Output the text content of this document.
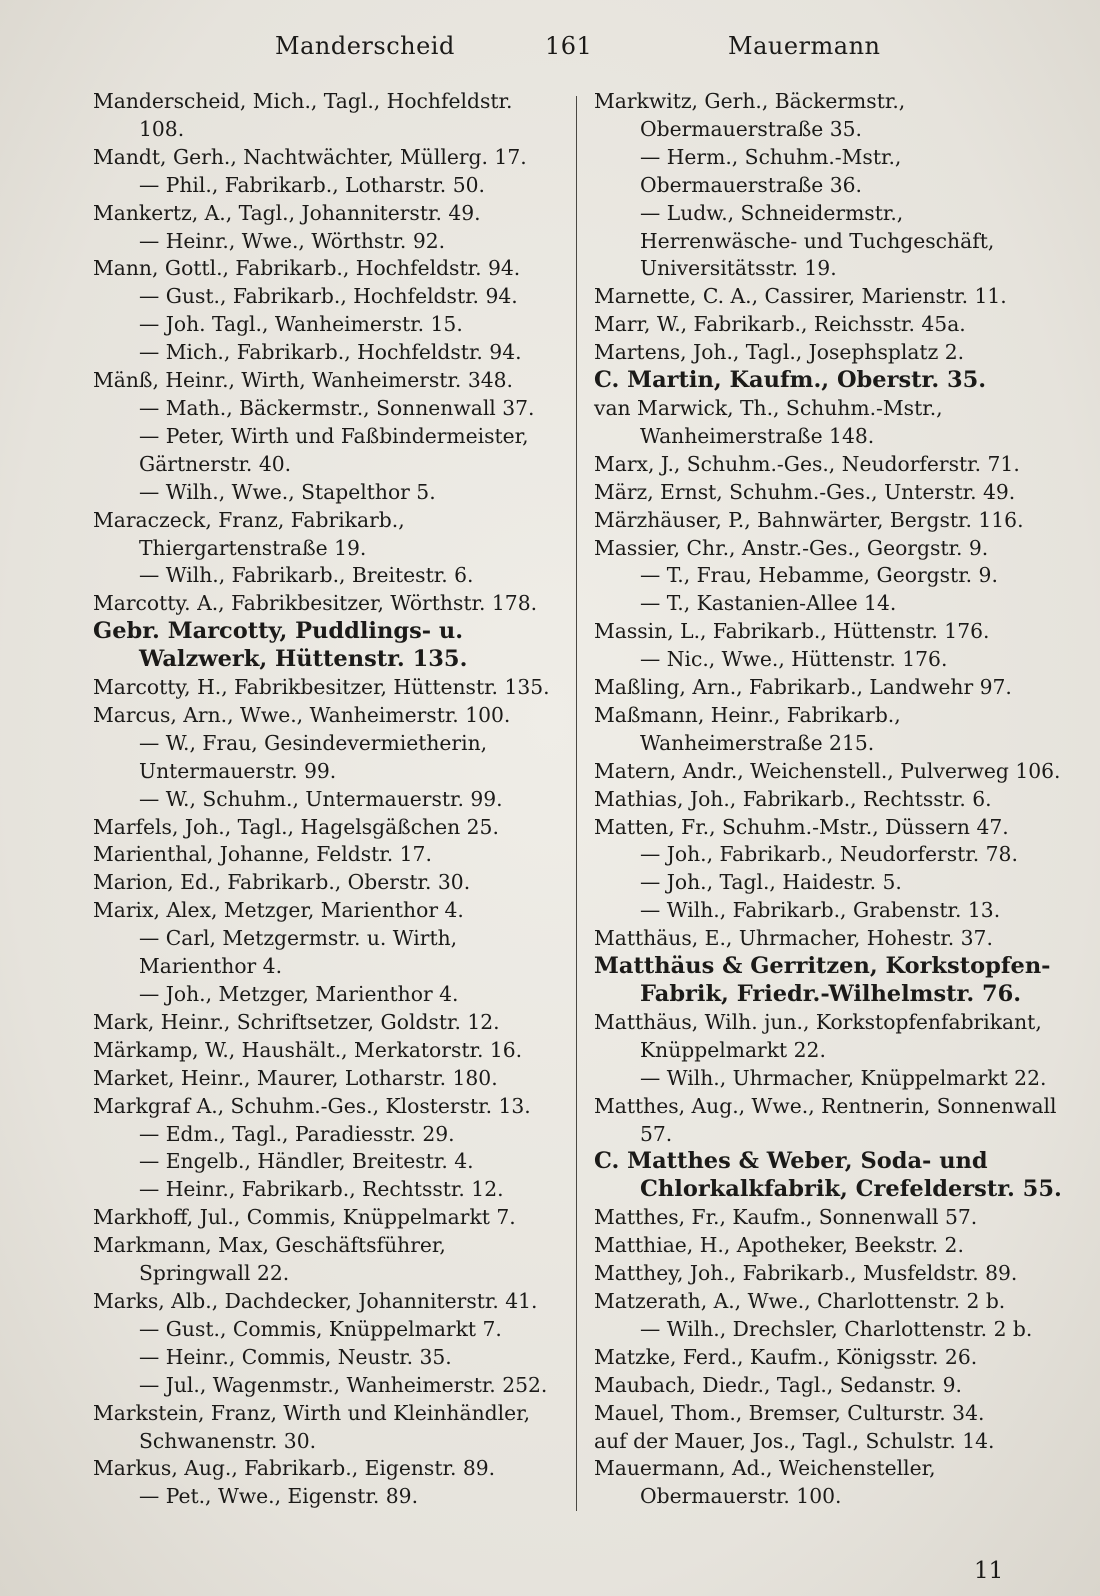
Manderscheid	161	Mauermann
Manderscheid, Mich., Tagl., Hochfeldstr. 108.
Mandt, Gerh., Nachtwächter, Müllerg. 17.
— Phil., Fabrikarb., Lotharstr. 50.
Mankertz, A., Tagl., Johanniterstr. 49.
— Heinr., Wwe., Wörthstr. 92.
Mann, Gottl., Fabrikarb., Hochfeldstr. 94.
— Gust., Fabrikarb., Hochfeldstr. 94.
— Joh. Tagl., Wanheimerstr. 15.
— Mich., Fabrikarb., Hochfeldstr. 94.
Mänß, Heinr., Wirth, Wanheimerstr. 348.
— Math., Bäckermstr., Sonnenwall 37.
— Peter, Wirth und Faßbindermeister, Gärtnerstr. 40.
— Wilh., Wwe., Stapelthor 5.
Maraczeck, Franz, Fabrikarb., Thiergartenstraße 19.
— Wilh., Fabrikarb., Breitestr. 6.
Marcotty. A., Fabrikbesitzer, Wörthstr. 178.
Gebr. Marcotty, Puddlings- u. Walzwerk, Hüttenstr. 135.
Marcotty, H., Fabrikbesitzer, Hüttenstr. 135.
Marcus, Arn., Wwe., Wanheimerstr. 100.
— W., Frau, Gesindevermietherin, Untermauerstr. 99.
— W., Schuhm., Untermauerstr. 99.
Marfels, Joh., Tagl., Hagelsgäßchen 25.
Marienthal, Johanne, Feldstr. 17.
Marion, Ed., Fabrikarb., Oberstr. 30.
Marix, Alex, Metzger, Marienthor 4.
— Carl, Metzgermstr. u. Wirth, Marienthor 4.
— Joh., Metzger, Marienthor 4.
Mark, Heinr., Schriftsetzer, Goldstr. 12.
Märkamp, W., Haushält., Merkatorstr. 16.
Market, Heinr., Maurer, Lotharstr. 180.
Markgraf A., Schuhm.-Ges., Klosterstr. 13.
— Edm., Tagl., Paradiesstr. 29.
— Engelb., Händler, Breitestr. 4.
— Heinr., Fabrikarb., Rechtsstr. 12.
Markhoff, Jul., Commis, Knüppelmarkt 7.
Markmann, Max, Geschäftsführer, Springwall 22.
Marks, Alb., Dachdecker, Johanniterstr. 41.
— Gust., Commis, Knüppelmarkt 7.
— Heinr., Commis, Neustr. 35.
— Jul., Wagenmstr., Wanheimerstr. 252.
Markstein, Franz, Wirth und Kleinhändler, Schwanenstr. 30.
Markus, Aug., Fabrikarb., Eigenstr. 89.
— Pet., Wwe., Eigenstr. 89.
Markwitz, Gerh., Bäckermstr., Obermauerstraße 35.
— Herm., Schuhm.-Mstr., Obermauerstraße 36.
— Ludw., Schneidermstr., Herrenwäsche- und Tuchgeschäft, Universitätsstr. 19.
Marnette, C. A., Cassirer, Marienstr. 11.
Marr, W., Fabrikarb., Reichsstr. 45a.
Martens, Joh., Tagl., Josephsplatz 2.
C. Martin, Kaufm., Oberstr. 35.
van Marwick, Th., Schuhm.-Mstr., Wanheimerstraße 148.
Marx, J., Schuhm.-Ges., Neudorferstr. 71.
März, Ernst, Schuhm.-Ges., Unterstr. 49.
Märzhäuser, P., Bahnwärter, Bergstr. 116.
Massier, Chr., Anstr.-Ges., Georgstr. 9.
— T., Frau, Hebamme, Georgstr. 9.
— T., Kastanien-Allee 14.
Massin, L., Fabrikarb., Hüttenstr. 176.
— Nic., Wwe., Hüttenstr. 176.
Maßling, Arn., Fabrikarb., Landwehr 97.
Maßmann, Heinr., Fabrikarb., Wanheimerstraße 215.
Matern, Andr., Weichenstell., Pulverweg 106.
Mathias, Joh., Fabrikarb., Rechtsstr. 6.
Matten, Fr., Schuhm.-Mstr., Düssern 47.
— Joh., Fabrikarb., Neudorferstr. 78.
— Joh., Tagl., Haidestr. 5.
— Wilh., Fabrikarb., Grabenstr. 13.
Matthäus, E., Uhrmacher, Hohestr. 37.
Matthäus & Gerritzen, Korkstopfen-Fabrik, Friedr.-Wilhelmstr. 76.
Matthäus, Wilh. jun., Korkstopfenfabrikant, Knüppelmarkt 22.
— Wilh., Uhrmacher, Knüppelmarkt 22.
Matthes, Aug., Wwe., Rentnerin, Sonnenwall 57.
C. Matthes & Weber, Soda- und Chlorkalkfabrik, Crefelderstr. 55.
Matthes, Fr., Kaufm., Sonnenwall 57.
Matthiae, H., Apotheker, Beekstr. 2.
Matthey, Joh., Fabrikarb., Musfeldstr. 89.
Matzerath, A., Wwe., Charlottenstr. 2 b.
— Wilh., Drechsler, Charlottenstr. 2 b.
Matzke, Ferd., Kaufm., Königsstr. 26.
Maubach, Diedr., Tagl., Sedanstr. 9.
Mauel, Thom., Bremser, Culturstr. 34.
auf der Mauer, Jos., Tagl., Schulstr. 14.
Mauermann, Ad., Weichensteller, Obermauerstr. 100.
11
